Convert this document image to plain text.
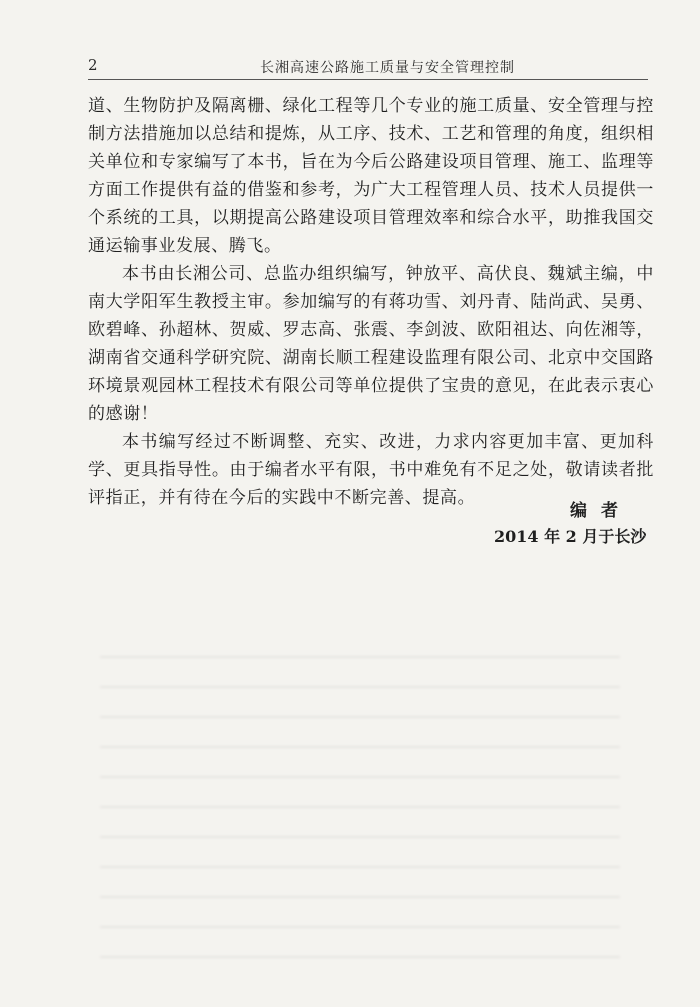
2	长湘高速公路施工质量与安全管理控制

道、生物防护及隔离栅、绿化工程等几个专业的施工质量、安全管理与控制方法措施加以总结和提炼，从工序、技术、工艺和管理的角度，组织相关单位和专家编写了本书，旨在为今后公路建设项目管理、施工、监理等方面工作提供有益的借鉴和参考，为广大工程管理人员、技术人员提供一个系统的工具，以期提高公路建设项目管理效率和综合水平，助推我国交通运输事业发展、腾飞。

本书由长湘公司、总监办组织编写，钟放平、高伏良、魏斌主编，中南大学阳军生教授主审。参加编写的有蒋功雪、刘丹青、陆尚武、吴勇、欧碧峰、孙超林、贺威、罗志高、张震、李剑波、欧阳祖达、向佐湘等，湖南省交通科学研究院、湖南长顺工程建设监理有限公司、北京中交国路环境景观园林工程技术有限公司等单位提供了宝贵的意见，在此表示衷心的感谢！

本书编写经过不断调整、充实、改进，力求内容更加丰富、更加科学、更具指导性。由于编者水平有限，书中难免有不足之处，敬请读者批评指正，并有待在今后的实践中不断完善、提高。

编者
2014 年 2 月于长沙
